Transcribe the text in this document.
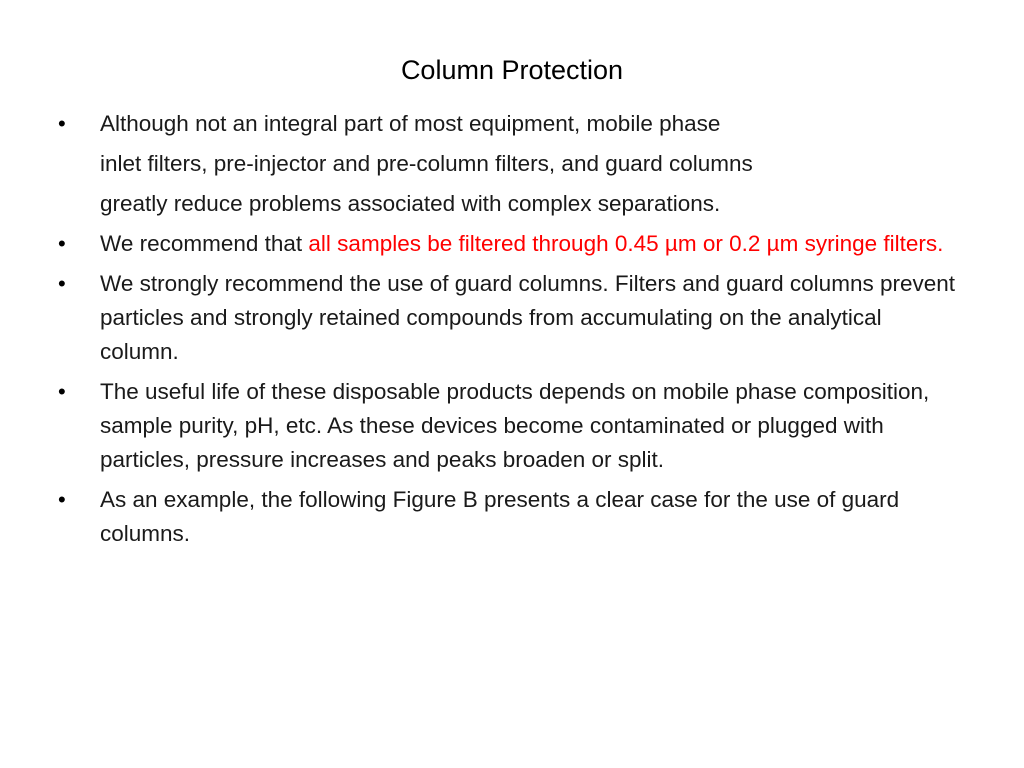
Column Protection
• Although not an integral part of most equipment, mobile phase
inlet filters, pre-injector and pre-column filters, and guard columns
greatly reduce problems associated with complex separations.
• We recommend that all samples be filtered through 0.45 µm or 0.2 µm syringe filters.
• We strongly recommend the use of guard columns. Filters and guard columns prevent particles and strongly retained compounds from accumulating on the analytical column.
• The useful life of these disposable products depends on mobile phase composition, sample purity, pH, etc. As these devices become contaminated or plugged with particles, pressure increases and peaks broaden or split.
• As an example, the following Figure B presents a clear case for the use of guard columns.
